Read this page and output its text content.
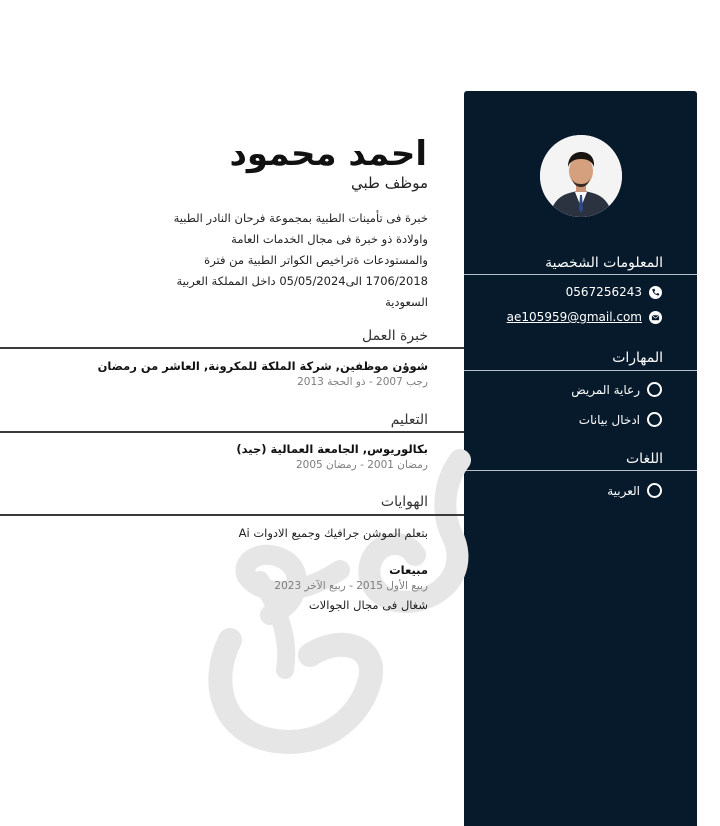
المعلومات الشخصية
0567256243
ae105959@gmail.com
المهارات
رعاية المريض
ادخال بيانات
اللغات
العربية
احمد محمود
موظف طبي
خبرة فى تأمينات الطبية بمجموعة فرحان النادر الطبية واولادة ذو خبرة فى مجال الخدمات العامة والمستودعات ةتراخيص الكواتر الطبية من فترة 1706/2018 الى05/05/2024 داخل المملكة العربية السعودية
خبرة العمل
شوؤن موظفين, شركة الملكة للمكرونة, العاشر من رمضان
رجب 2007 - ذو الحجة 2013
التعليم
بكالوريوس, الجامعة العمالية (جيد)
رمضان 2001 - رمضان 2005
الهوايات
بتعلم الموشن جرافيك وجميع الادوات Ai
مبيعات
ربيع الأول 2015 - ربيع الآخر 2023
شغال فى مجال الجوالات
